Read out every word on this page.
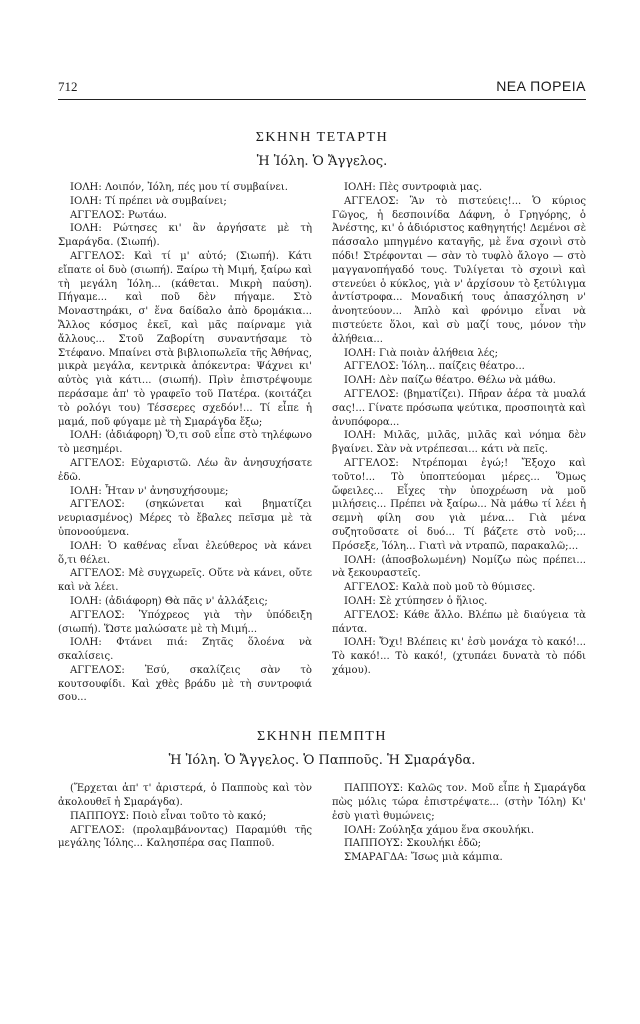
712	ΝΕΑ ΠΟΡΕΙΑ
ΣΚΗΝΗ ΤΕΤΑΡΤΗ
Ἡ Ἰόλη. Ὁ Ἄγγελος.

ΙΟΛΗ: Λοιπόν, Ἰόλη, πές μου τί συμβαίνει.

ΙΟΛΗ: Τί πρέπει νὰ συμβαίνει;

ΑΓΓΕΛΟΣ: Ρωτάω.

ΙΟΛΗ: Ρώτησες κι' ἂν ἀργήσατε μὲ τὴ Σμαράγδα. (Σιωπή).

ΑΓΓΕΛΟΣ: Καὶ τί μ' αὐτό; (Σιωπή). Κάτι εἴπατε οἱ δυὸ (σιωπή). Ξαίρω τὴ Μιμή, ξαίρω καὶ τὴ μεγάλη Ἰόλη... (κάθεται. Μικρὴ παύση). Πήγαμε... καὶ ποῦ δὲν πήγαμε. Στὸ Μοναστηράκι, σ' ἕνα δαίδαλο ἀπὸ δρομάκια... Ἄλλος κόσμος ἐκεῖ, καὶ μᾶς παίρναμε γιὰ ἄλλους... Στοῦ Ζαβορίτη συναντήσαμε τὸ Στέφανο. Μπαίνει στὰ βιβλιοπωλεῖα τῆς Ἀθήνας, μικρὰ μεγάλα, κεντρικὰ ἀπόκεντρα: Ψάχνει κι' αὐτὸς γιὰ κάτι... (σιωπή). Πρὶν ἐπιστρέψουμε περάσαμε ἀπ' τὸ γραφεῖο τοῦ Πατέρα. (κοιτάζει τὸ ρολόγι του) Τέσσερες σχεδόν!... Τί εἶπε ἡ μαμά, ποῦ φύγαμε μὲ τὴ Σμαράγδα ἔξω;

ΙΟΛΗ: (ἀδιάφορη) Ὅ,τι σοῦ εἶπε στὸ τηλέφωνο τὸ μεσημέρι.

ΑΓΓΕΛΟΣ: Εὐχαριστῶ. Λέω ἂν ἀνησυχήσατε ἐδῶ.

ΙΟΛΗ: Ἦταν ν' ἀνησυχήσουμε;

ΑΓΓΕΛΟΣ: (σηκώνεται καὶ βηματίζει νευριασμένος) Μέρες τὸ ἔβαλες πεῖσμα μὲ τὰ ὑπονοούμενα.

ΙΟΛΗ: Ὁ καθένας εἶναι ἐλεύθερος νὰ κάνει ὅ,τι θέλει.

ΑΓΓΕΛΟΣ: Μὲ συγχωρεῖς. Οὔτε νὰ κάνει, οὔτε καὶ νὰ λέει.

ΙΟΛΗ: (ἀδιάφορη) Θὰ πᾶς ν' ἀλλάξεις;

ΑΓΓΕΛΟΣ: Ὑπόχρεος γιὰ τὴν ὑπόδειξη (σιωπή). Ὥστε μαλώσατε μὲ τὴ Μιμή...

ΙΟΛΗ: Φτάνει πιά: Ζητᾶς ὅλοένα νὰ σκαλίσεις.

ΑΓΓΕΛΟΣ: Ἐσύ, σκαλίζεις σὰν τὸ κουτσουφίδι. Καὶ χθὲς βράδυ μὲ τὴ συντροφιά σου...

ΙΟΛΗ: Πὲς συντροφιὰ μας.

ΑΓΓΕΛΟΣ: Ἂν τὸ πιστεύεις!... Ὁ κύριος Γῶγος, ἡ δεσποινίδα Δάφνη, ὁ Γρηγόρης, ὁ Ἀνέστης, κι' ὁ ἀδιόριστος καθηγητής! Δεμένοι σὲ πάσσαλο μπηγμένο καταγῆς, μὲ ἕνα σχοινὶ στὸ πόδι! Στρέφονται — σὰν τὸ τυφλὸ ἄλογο — στὸ μαγγανοπήγαδό τους. Τυλίγεται τὸ σχοινὶ καὶ στενεύει ὁ κύκλος, γιὰ ν' ἀρχίσουν τὸ ξετύλιγμα ἀντίστροφα... Μοναδική τους ἀπασχόληση ν' ἀνοητεύουν... Ἀπλὸ καὶ φρόνιμο εἶναι νὰ πιστεύετε ὅλοι, καὶ σὺ μαζί τους, μόνον τὴν ἀλήθεια...

ΙΟΛΗ: Γιὰ ποιὰν ἀλήθεια λές;

ΑΓΓΕΛΟΣ: Ἰόλη... παίζεις θέατρο...

ΙΟΛΗ: Δὲν παίζω θέατρο. Θέλω νὰ μάθω.

ΑΓΓΕΛΟΣ: (βηματίζει). Πῆραν ἀέρα τὰ μυαλά σας!... Γίνατε πρόσωπα ψεύτικα, προσποιητὰ καὶ ἀνυπόφορα...

ΙΟΛΗ: Μιλᾶς, μιλᾶς, μιλᾶς καὶ νόημα δὲν βγαίνει. Σὰν νὰ ντρέπεσαι... κάτι νὰ πεῖς.

ΑΓΓΕΛΟΣ: Ντρέπομαι ἐγώ;! Ἔξοχο καὶ τοῦτο!... Τὸ ὑποπτεύομαι μέρες... Ὅμως ὤφειλες... Εἶχες τὴν ὑποχρέωση νὰ μοῦ μιλήσεις... Πρέπει νὰ ξαίρω... Νὰ μάθω τί λέει ἡ σεμνὴ φίλη σου γιὰ μένα... Γιὰ μένα συζητοῦσατε οἱ δυό... Τί βάζετε στὸ νοῦ;... Πρόσεξε, Ἰόλη... Γιατὶ νὰ ντραπῶ, παρακαλῶ;...

ΙΟΛΗ: (ἀποσβολωμένη) Νομίζω πὼς πρέπει... νὰ ξεκουραστεῖς.

ΑΓΓΕΛΟΣ: Καλὰ ποὺ μοῦ τὸ θύμισες.

ΙΟΛΗ: Σὲ χτύπησεν ὁ ἥλιος.

ΑΓΓΕΛΟΣ: Κάθε ἄλλο. Βλέπω μὲ διαύγεια τὰ πάντα.

ΙΟΛΗ: Ὄχι! Βλέπεις κι' ἐσὺ μονάχα τὸ κακό!... Τὸ κακό!... Τὸ κακό!, (χτυπάει δυνατὰ τὸ πόδι χάμου).

ΣΚΗΝΗ ΠΕΜΠΤΗ
Ἡ Ἰόλη. Ὁ Ἄγγελος. Ὁ Παπποῦς. Ἡ Σμαράγδα.

(Ἔρχεται ἀπ' τ' ἀριστερά, ὁ Παπποὺς καὶ τὸν ἀκολουθεῖ ἡ Σμαράγδα).

ΠΑΠΠΟΥΣ: Ποιὸ εἶναι τοῦτο τὸ κακό;

ΑΓΓΕΛΟΣ: (προλαμβάνοντας) Παραμύθι τῆς μεγάλης Ἰόλης... Καλησπέρα σας Παπποῦ.

ΠΑΠΠΟΥΣ: Καλῶς τον. Μοῦ εἶπε ἡ Σμαράγδα πὼς μόλις τώρα ἐπιστρέψατε... (στὴν Ἰόλη) Κι' ἐσὺ γιατὶ θυμώνεις;

ΙΟΛΗ: Ζούληξα χάμου ἕνα σκουλήκι.

ΠΑΠΠΟΥΣ: Σκουλήκι ἐδῶ;

ΣΜΑΡΑΓΔΑ: Ἴσως μιὰ κάμπια.
